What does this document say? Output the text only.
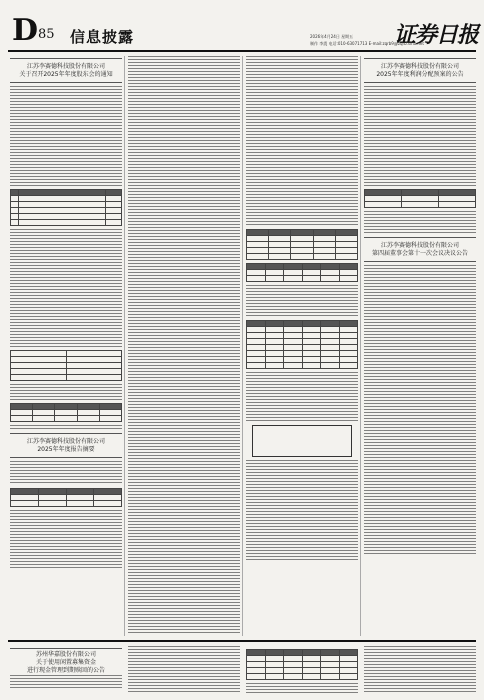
D 85 信息披露	2026年4月24日 星期五
制作 李震 电话:010-63071713 E-mail:zqrb9@zqrb.sina.net
证券日报
江苏李赛德科技股份有限公司
关于召开2025年年度股东会的通知
江苏李赛德科技股份有限公司
2025年年度报告摘要
江苏李赛德科技股份有限公司
2025年年度利润分配预案的公告
江苏李赛德科技股份有限公司
第四届董事会第十一次会议决议公告
苏州华嘉股份有限公司
关于使用闲置募集资金
进行现金管理到期赎回的公告
